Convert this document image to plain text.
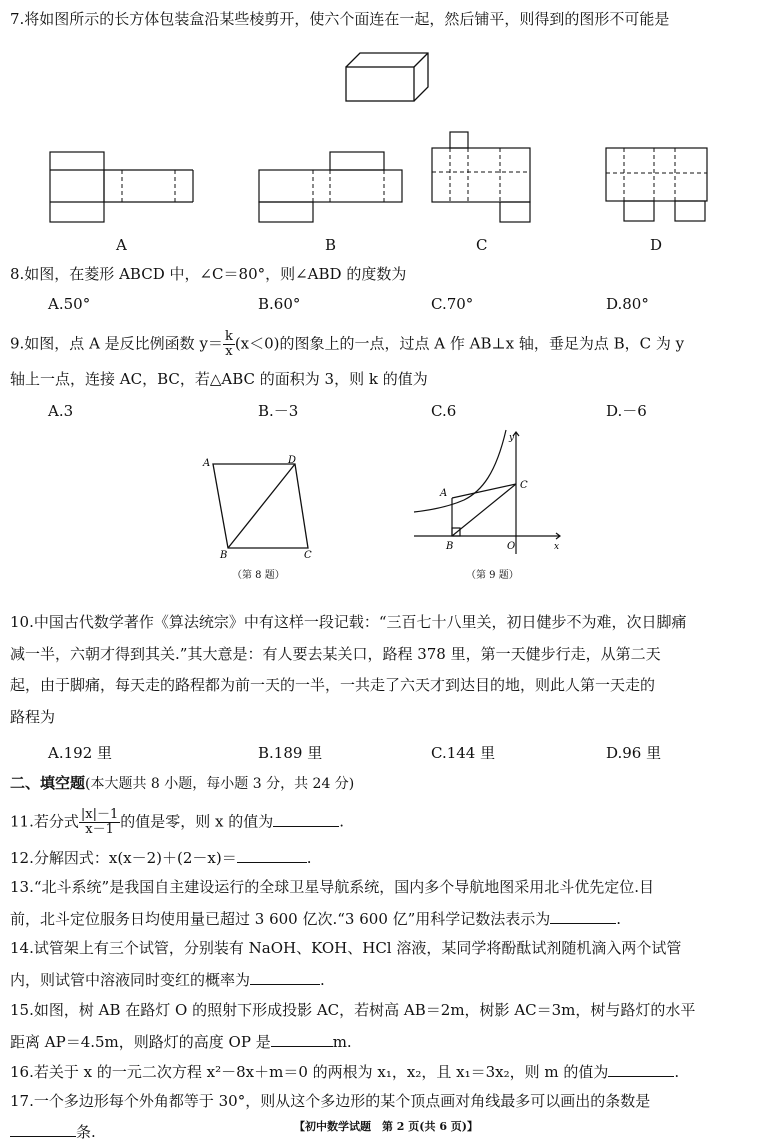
7.将如图所示的长方体包装盒沿某些棱剪开，使六个面连在一起，然后铺平，则得到的图形不可能是
A	B	C	D
8.如图，在菱形 ABCD 中，∠C＝80°，则∠ABD 的度数为
A.50°	B.60°	C.70°	D.80°
9.如图，点 A 是反比例函数 $y= \frac{k}{x} (x<0)$的图象上的一点，过点 A 作 AB⊥x 轴，垂足为点 B，C 为 y
轴上一点，连接 AC，BC，若△ABC 的面积为 3，则 k 的值为
A.3	B.－3	C.6	D.－6
A	D
B	C
（第 8 题）
y
A
C
B	O	x
（第 9 题）
10.中国古代数学著作《算法统宗》中有这样一段记载：“三百七十八里关，初日健步不为难，次日脚痛
减一半，六朝才得到其关.”其大意是：有人要去某关口，路程 378 里，第一天健步行走，从第二天
起，由于脚痛，每天走的路程都为前一天的一半，一共走了六天才到达目的地，则此人第一天走的
路程为
A.192 里	B.189 里	C.144 里	D.96 里
二、填空题(本大题共 8 小题，每小题 3 分，共 24 分)
11.若分式 $\frac{|x|-1}{x-1}$ 的值是零，则 x 的值为	.
12.分解因式：x(x－2)＋(2－x)＝	.
13.“北斗系统”是我国自主建设运行的全球卫星导航系统，国内多个导航地图采用北斗优先定位.目
前，北斗定位服务日均使用量已超过 3 600 亿次.“3 600 亿”用科学记数法表示为	.
14.试管架上有三个试管，分别装有 NaOH、KOH、HCl 溶液，某同学将酚酞试剂随机滴入两个试管
内，则试管中溶液同时变红的概率为	.
15.如图，树 AB 在路灯 O 的照射下形成投影 AC，若树高 AB＝2m，树影 AC＝3m，树与路灯的水平
距离 AP＝4.5m，则路灯的高度 OP 是	m.
16.若关于 x 的一元二次方程 x²－8x＋m＝0 的两根为 x₁，x₂，且 x₁＝3x₂，则 m 的值为	.
17.一个多边形每个外角都等于 30°，则从这个多边形的某个顶点画对角线最多可以画出的条数是
条.	【初中数学试题　第 2 页(共 6 页)】
